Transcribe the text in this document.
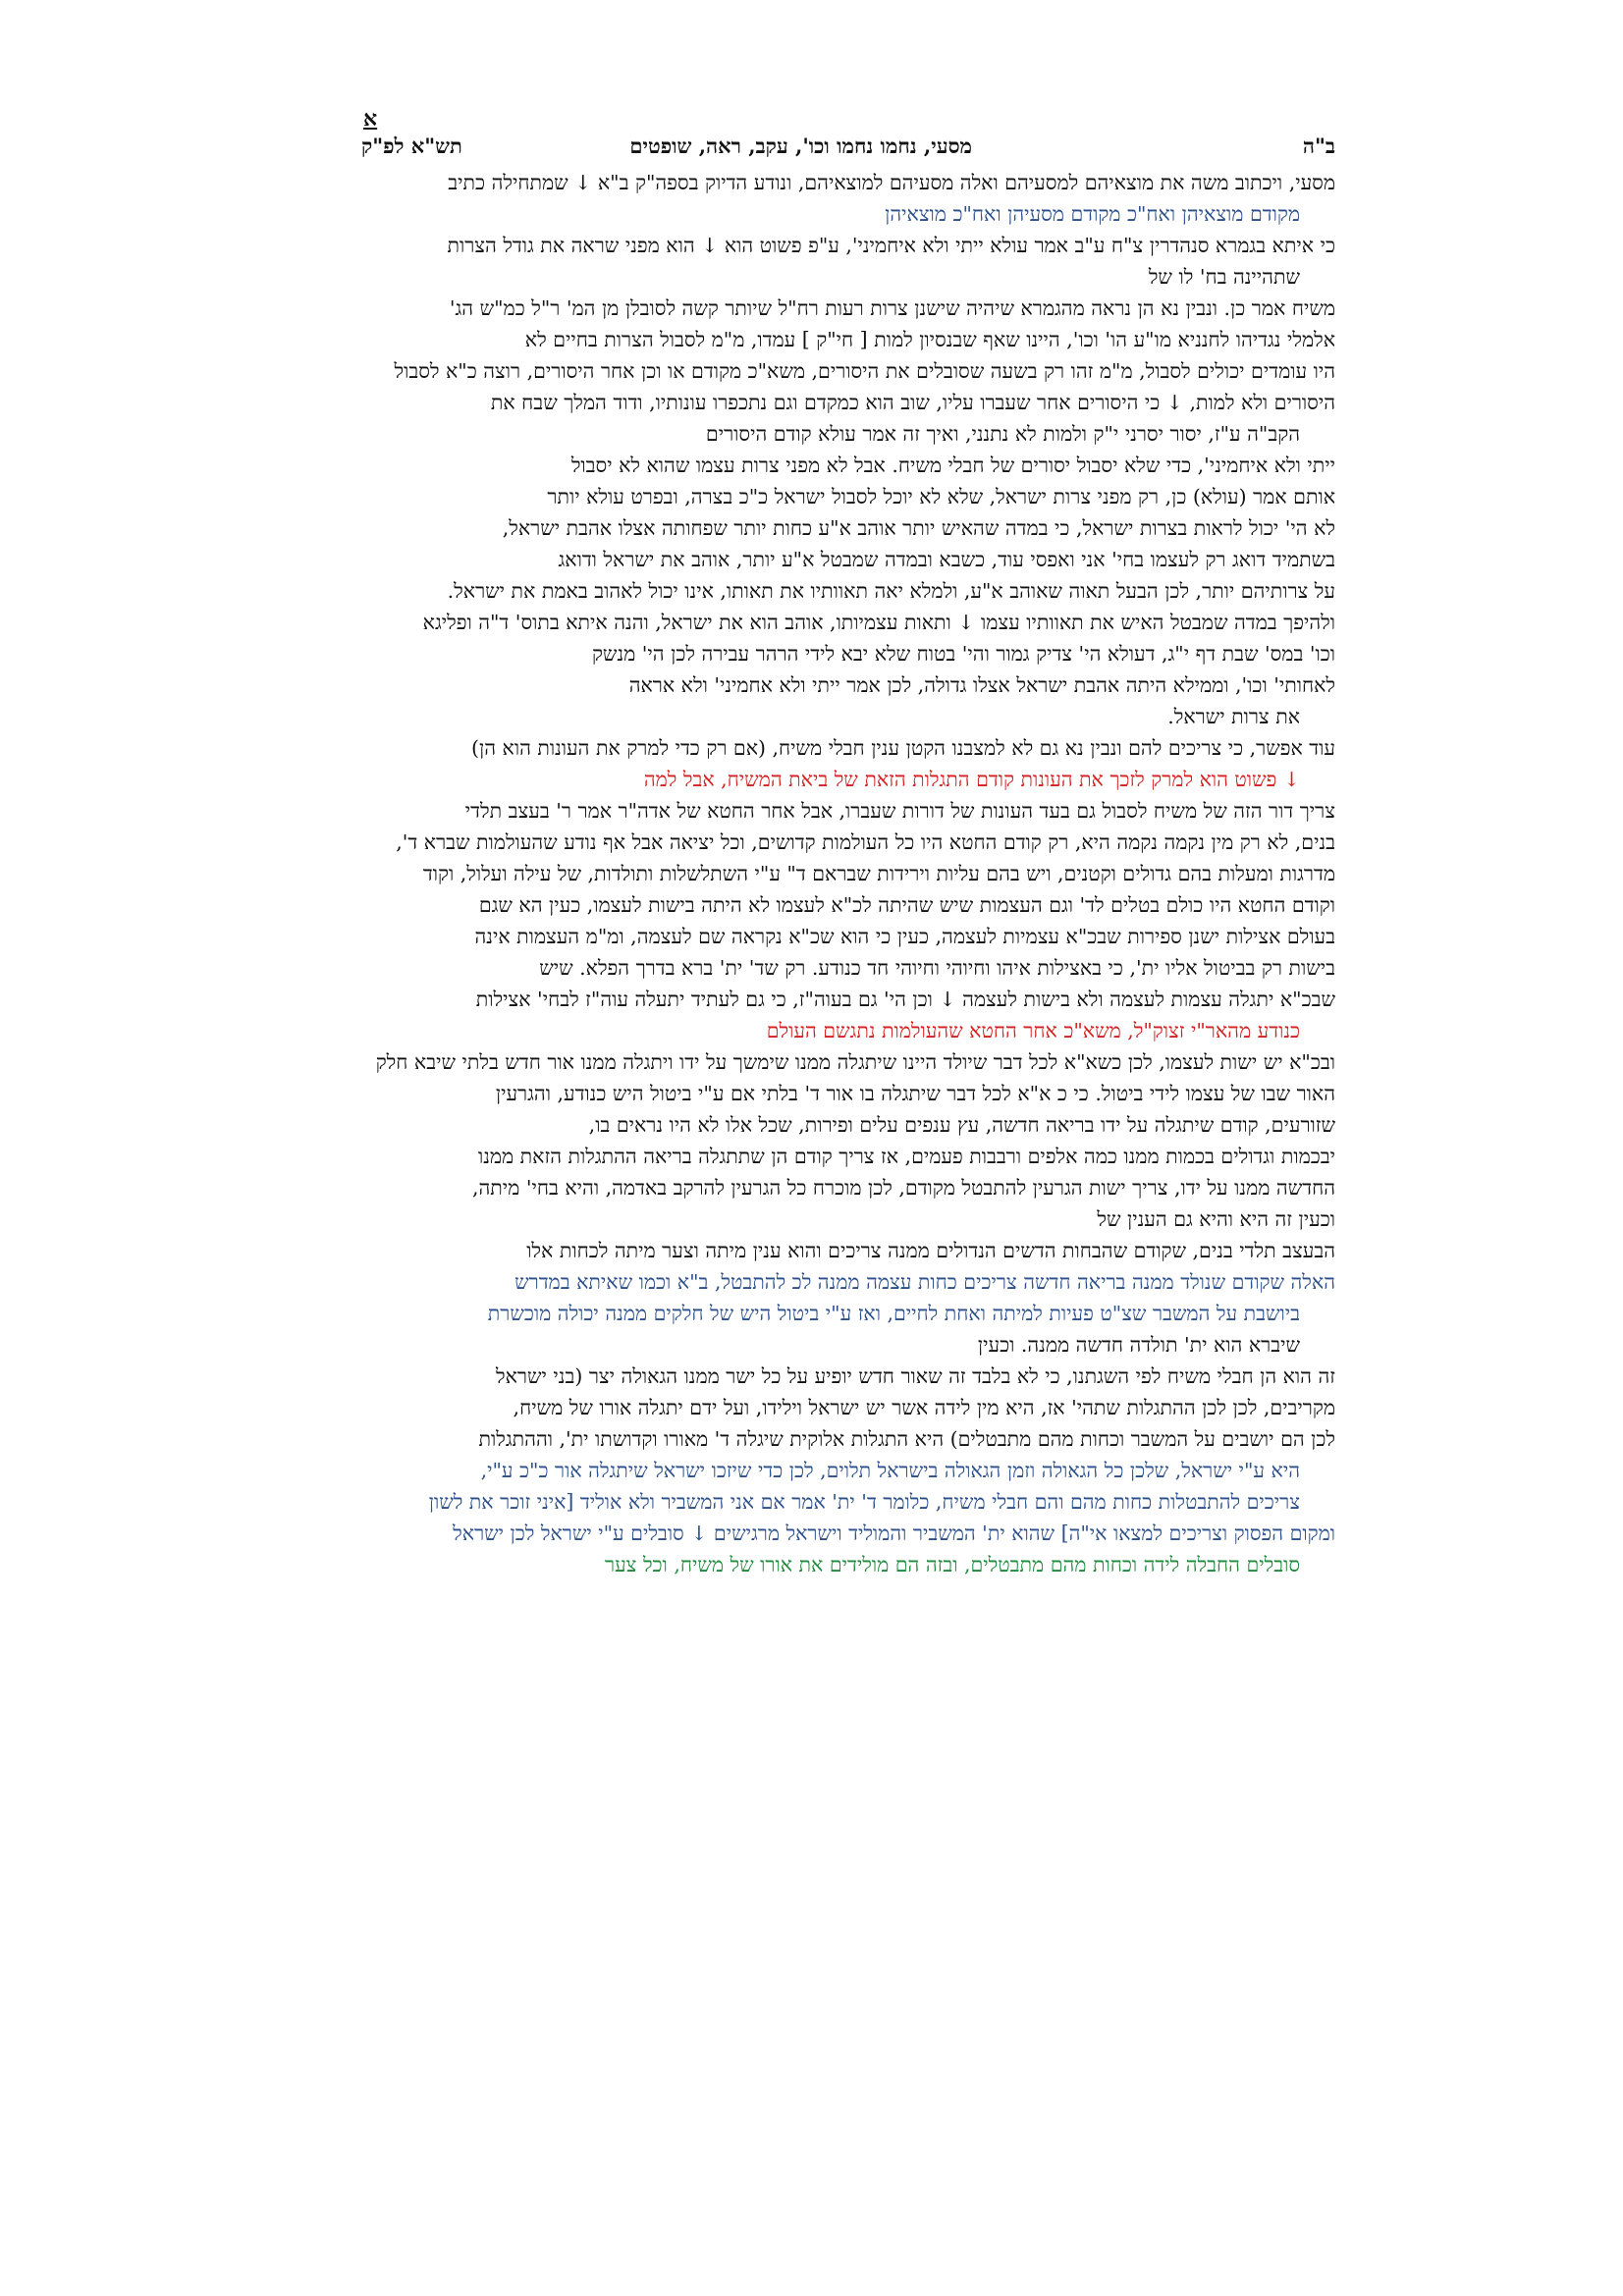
א
ב"ה
מסעי, נחמו נחמו וכו', עקב, ראה, שופטים
תש"א לפ"ק
מסעי, ויכתוב משה את מוצאיהם למסעיהם ואלה מסעיהם למוצאיהם, ונודע הדיוק בספה"ק ב"א ↓ שמתחילה כתיב
מקודם מוצאיהן ואח"כ מקודם מסעיהן ואח"כ מוצאיהן
כי איתא בגמרא סנהדרין צ"ח ע"ב אמר עולא ייתי ולא איחמיני', ע"פ פשוט הוא ↓ הוא מפני שראה את גודל הצרות
שתהיינה בח' לו של
משיח אמר כן. ונבין נא הן נראה מהגמרא שיהיה שישנן צרות רעות רח"ל שיותר קשה לסובלן מן המ' ר"ל כמ"ש הג'
אלמלי נגדיהו לחנניא מו"ע הו' וכו', היינו שאף שבנסיון למות [ חי"ק ] עמדו, מ"מ לסבול הצרות בחיים לא
היו עומדים יכולים לסבול, מ"מ זהו רק בשעה שסובלים את היסורים, משא"כ מקודם או וכן אחר היסורים, רוצה כ"א לסבול
היסורים ולא למות, ↓ כי היסורים אחר שעברו עליו, שוב הוא כמקדם וגם נתכפרו עונותיו, ודוד המלך שבח את
הקב"ה ע"ז, יסור יסרני י"ק ולמות לא נתנני, ואיך זה אמר עולא קודם היסורים
ייתי ולא איחמיני', כדי שלא יסבול יסורים של חבלי משיח. אבל לא מפני צרות עצמו שהוא לא יסבול
אותם אמר (עולא) כן, רק מפני צרות ישראל, שלא לא יוכל לסבול ישראל כ"כ בצרה, ובפרט עולא יותר
לא הי' יכול לראות בצרות ישראל, כי במדה שהאיש יותר אוהב א"ע כחות יותר שפחותה אצלו אהבת ישראל,
בשתמיד דואג רק לעצמו בחי' אני ואפסי עוד, כשבא ובמדה שמבטל א"ע יותר, אוהב את ישראל ודואג
על צרותיהם יותר, לכן הבעל תאוה שאוהב א"ע, ולמלא יאה תאוותיו את תאותו, אינו יכול לאהוב באמת את ישראל.
ולהיפך במדה שמבטל האיש את תאוותיו עצמו ↓ ותאות עצמיותו, אוהב הוא את ישראל, והנה איתא בתוס' ד"ה ופליגא
וכו' במס' שבת דף י"ג, דעולא הי' צדיק גמור והי' בטוח שלא יבא לידי הרהר עבירה לכן הי' מנשק
לאחותי' וכו', וממילא היתה אהבת ישראל אצלו גדולה, לכן אמר ייתי ולא אחמיני' ולא אראה
את צרות ישראל.
עוד אפשר, כי צריכים להם ונבין נא גם לא למצבנו הקטן ענין חבלי משיח, (אם רק כדי למרק את העונות הוא הן)
↓ פשוט הוא למרק לזכך את העונות קודם התגלות הזאת של ביאת המשיח, אבל למה
צריך דור הזה של משיח לסבול גם בעד העונות של דורות שעברו, אבל אחר החטא של אדה"ר אמר ר' בעצב תלדי
בנים, לא רק מין נקמה נקמה היא, רק קודם החטא היו כל העולמות קדושים, וכל יציאה אבל אף נודע שהעולמות שברא ד',
מדרגות ומעלות בהם גדולים וקטנים, ויש בהם עליות וירידות שבראם ד" ע"י השתלשלות ותולדות, של עילה ועלול, וקוד
וקודם החטא היו כולם בטלים לד' וגם העצמות שיש שהיתה לכ"א לעצמו לא היתה בישות לעצמו, כעין הא שגם
בעולם אצילות ישנן ספירות שבכ"א עצמיות לעצמה, כעין כי הוא שכ"א נקראה שם לעצמה, ומ"מ העצמות אינה
בישות רק בביטול אליו ית', כי באצילות איהו וחיוהי וחיוהי חד כנודע. רק שד' ית' ברא בדרך הפלא. שיש
שבכ"א יתגלה עצמות לעצמה ולא בישות לעצמה ↓ וכן הי' גם בעוה"ז, כי גם לעתיד יתעלה עוה"ז לבחי' אצילות
כנודע מהאר"י זצוק"ל, משא"כ אחר החטא שהעולמות נתגשם העולם
ובכ"א יש ישות לעצמו, לכן כשא"א לכל דבר שיולד היינו שיתגלה ממנו שימשך על ידו ויתגלה ממנו אור חדש בלתי שיבא חלק
האור שבו של עצמו לידי ביטול. כי כ א"א לכל דבר שיתגלה בו אור ד' בלתי אם ע"י ביטול היש כנודע, והגרעין
שזורעים, קודם שיתגלה על ידו בריאה חדשה, עץ ענפים עלים ופירות, שכל אלו לא היו נראים בו,
יבכמות וגדולים בכמות ממנו כמה אלפים ורבבות פעמים, אז צריך קודם הן שתתגלה בריאה ההתגלות הזאת ממנו
החדשה ממנו על ידו, צריך ישות הגרעין להתבטל מקודם, לכן מוכרח כל הגרעין להרקב באדמה, והיא בחי' מיתה,
וכעין זה היא והיא גם הענין של
הבעצב תלדי בנים, שקודם שהבחות הדשים הנדולים ממנה צריכים והוא ענין מיתה וצער מיתה לכחות אלו
האלה שקודם שנולד ממנה בריאה חדשה צריכים כחות עצמה ממנה לכ להתבטל, ב"א וכמו שאיתא במדרש
ביושבת על המשבר שצ"ט פעיות למיתה ואחת לחיים, ואז ע"י ביטול היש של חלקים ממנה יכולה מוכשרת
שיברא הוא ית' תולדה חדשה ממנה. וכעין
זה הוא הן חבלי משיח לפי השגתנו, כי לא בלבד זה שאור חדש יופיע על כל ישר ממנו הגאולה יצר (בני ישראל
מקריבים, לכן לכן ההתגלות שתהי' אז, היא מין לידה אשר יש ישראל וילידו, ועל ידם יתגלה אורו של משיח,
לכן הם יושבים על המשבר וכחות מהם מתבטלים) היא התגלות אלוקית שיגלה ד' מאורו וקדושתו ית', וההתגלות
היא ע"י ישראל, שלכן כל הגאולה וזמן הגאולה בישראל תלוים, לכן כדי שיזכו ישראל שיתגלה אור כ"כ ע"י,
צריכים להתבטלות כחות מהם והם חבלי משיח, כלומר ד' ית' אמר אם אני המשביר ולא אוליד [איני זוכר את לשון
ומקום הפסוק וצריכים למצאו אי"ה] שהוא ית' המשביר והמוליד וישראל מרגישים ↓ סובלים ע"י ישראל לכן ישראל
סובלים החבלה לידה וכחות מהם מתבטלים, ובזה הם מולידים את אורו של משיח, וכל צער
